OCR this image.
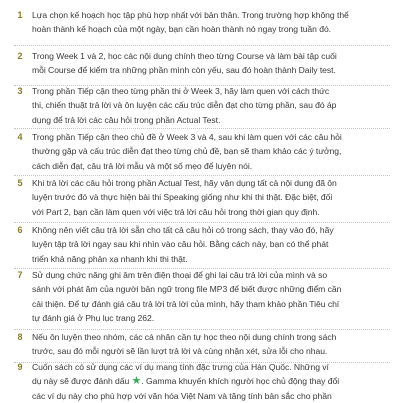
1	Lựa chọn kế hoạch học tập phù hợp nhất với bản thân. Trong trường hợp không thể
hoàn thành kế hoạch của một ngày, bạn cần hoàn thành nó ngay trong tuần đó.
2	Trong Week 1 và 2, học các nội dung chính theo từng Course và làm bài tập cuối
mỗi Course để kiểm tra những phần mình còn yếu, sau đó hoàn thành Daily test.
3	Trong phần Tiếp cận theo từng phần thi ở Week 3, hãy làm quen với cách thức
thi, chiến thuật trả lời và ôn luyện các cấu trúc diễn đạt cho từng phần, sau đó áp
dụng để trả lời các câu hỏi trong phần Actual Test.
4	Trong phần Tiếp cận theo chủ đề ở Week 3 và 4, sau khi làm quen với các câu hỏi
thường gặp và cấu trúc diễn đạt theo từng chủ đề, bạn sẽ tham khảo các ý tưởng,
cách diễn đạt, câu trả lời mẫu và một số mẹo để luyện nói.
5	Khi trả lời các câu hỏi trong phần Actual Test, hãy vận dụng tất cả nội dung đã ôn
luyện trước đó và thực hiện bài thi Speaking giống như khi thi thật. Đặc biệt, đối
với Part 2, bạn cần làm quen với việc trả lời câu hỏi trong thời gian quy định.
6	Không nên viết câu trả lời sẵn cho tất cả câu hỏi có trong sách, thay vào đó, hãy
luyện tập trả lời ngay sau khi nhìn vào câu hỏi. Bằng cách này, bạn có thể phát
triển khả năng phản xạ nhanh khi thi thật.
7	Sử dụng chức năng ghi âm trên điện thoại để ghi lại câu trả lời của mình và so
sánh với phát âm của người bản ngữ trong file MP3 để biết được những điểm cần
cải thiện. Để tự đánh giá câu trả lời trả lời của mình, hãy tham khảo phần Tiêu chí
tự đánh giá ở Phụ lục trang 262.
8	Nếu ôn luyện theo nhóm, các cá nhân cần tự học theo nội dung chính trong sách
trước, sau đó mỗi người sẽ lần lượt trả lời và cùng nhận xét, sửa lỗi cho nhau.
9	Cuốn sách có sử dụng các ví dụ mang tính đặc trưng của Hàn Quốc. Những ví
dụ này sẽ được đánh dấu ★. Gamma khuyến khích người học chủ động thay đổi
các ví dụ này cho phù hợp với văn hóa Việt Nam và tăng tính bản sắc cho phần
